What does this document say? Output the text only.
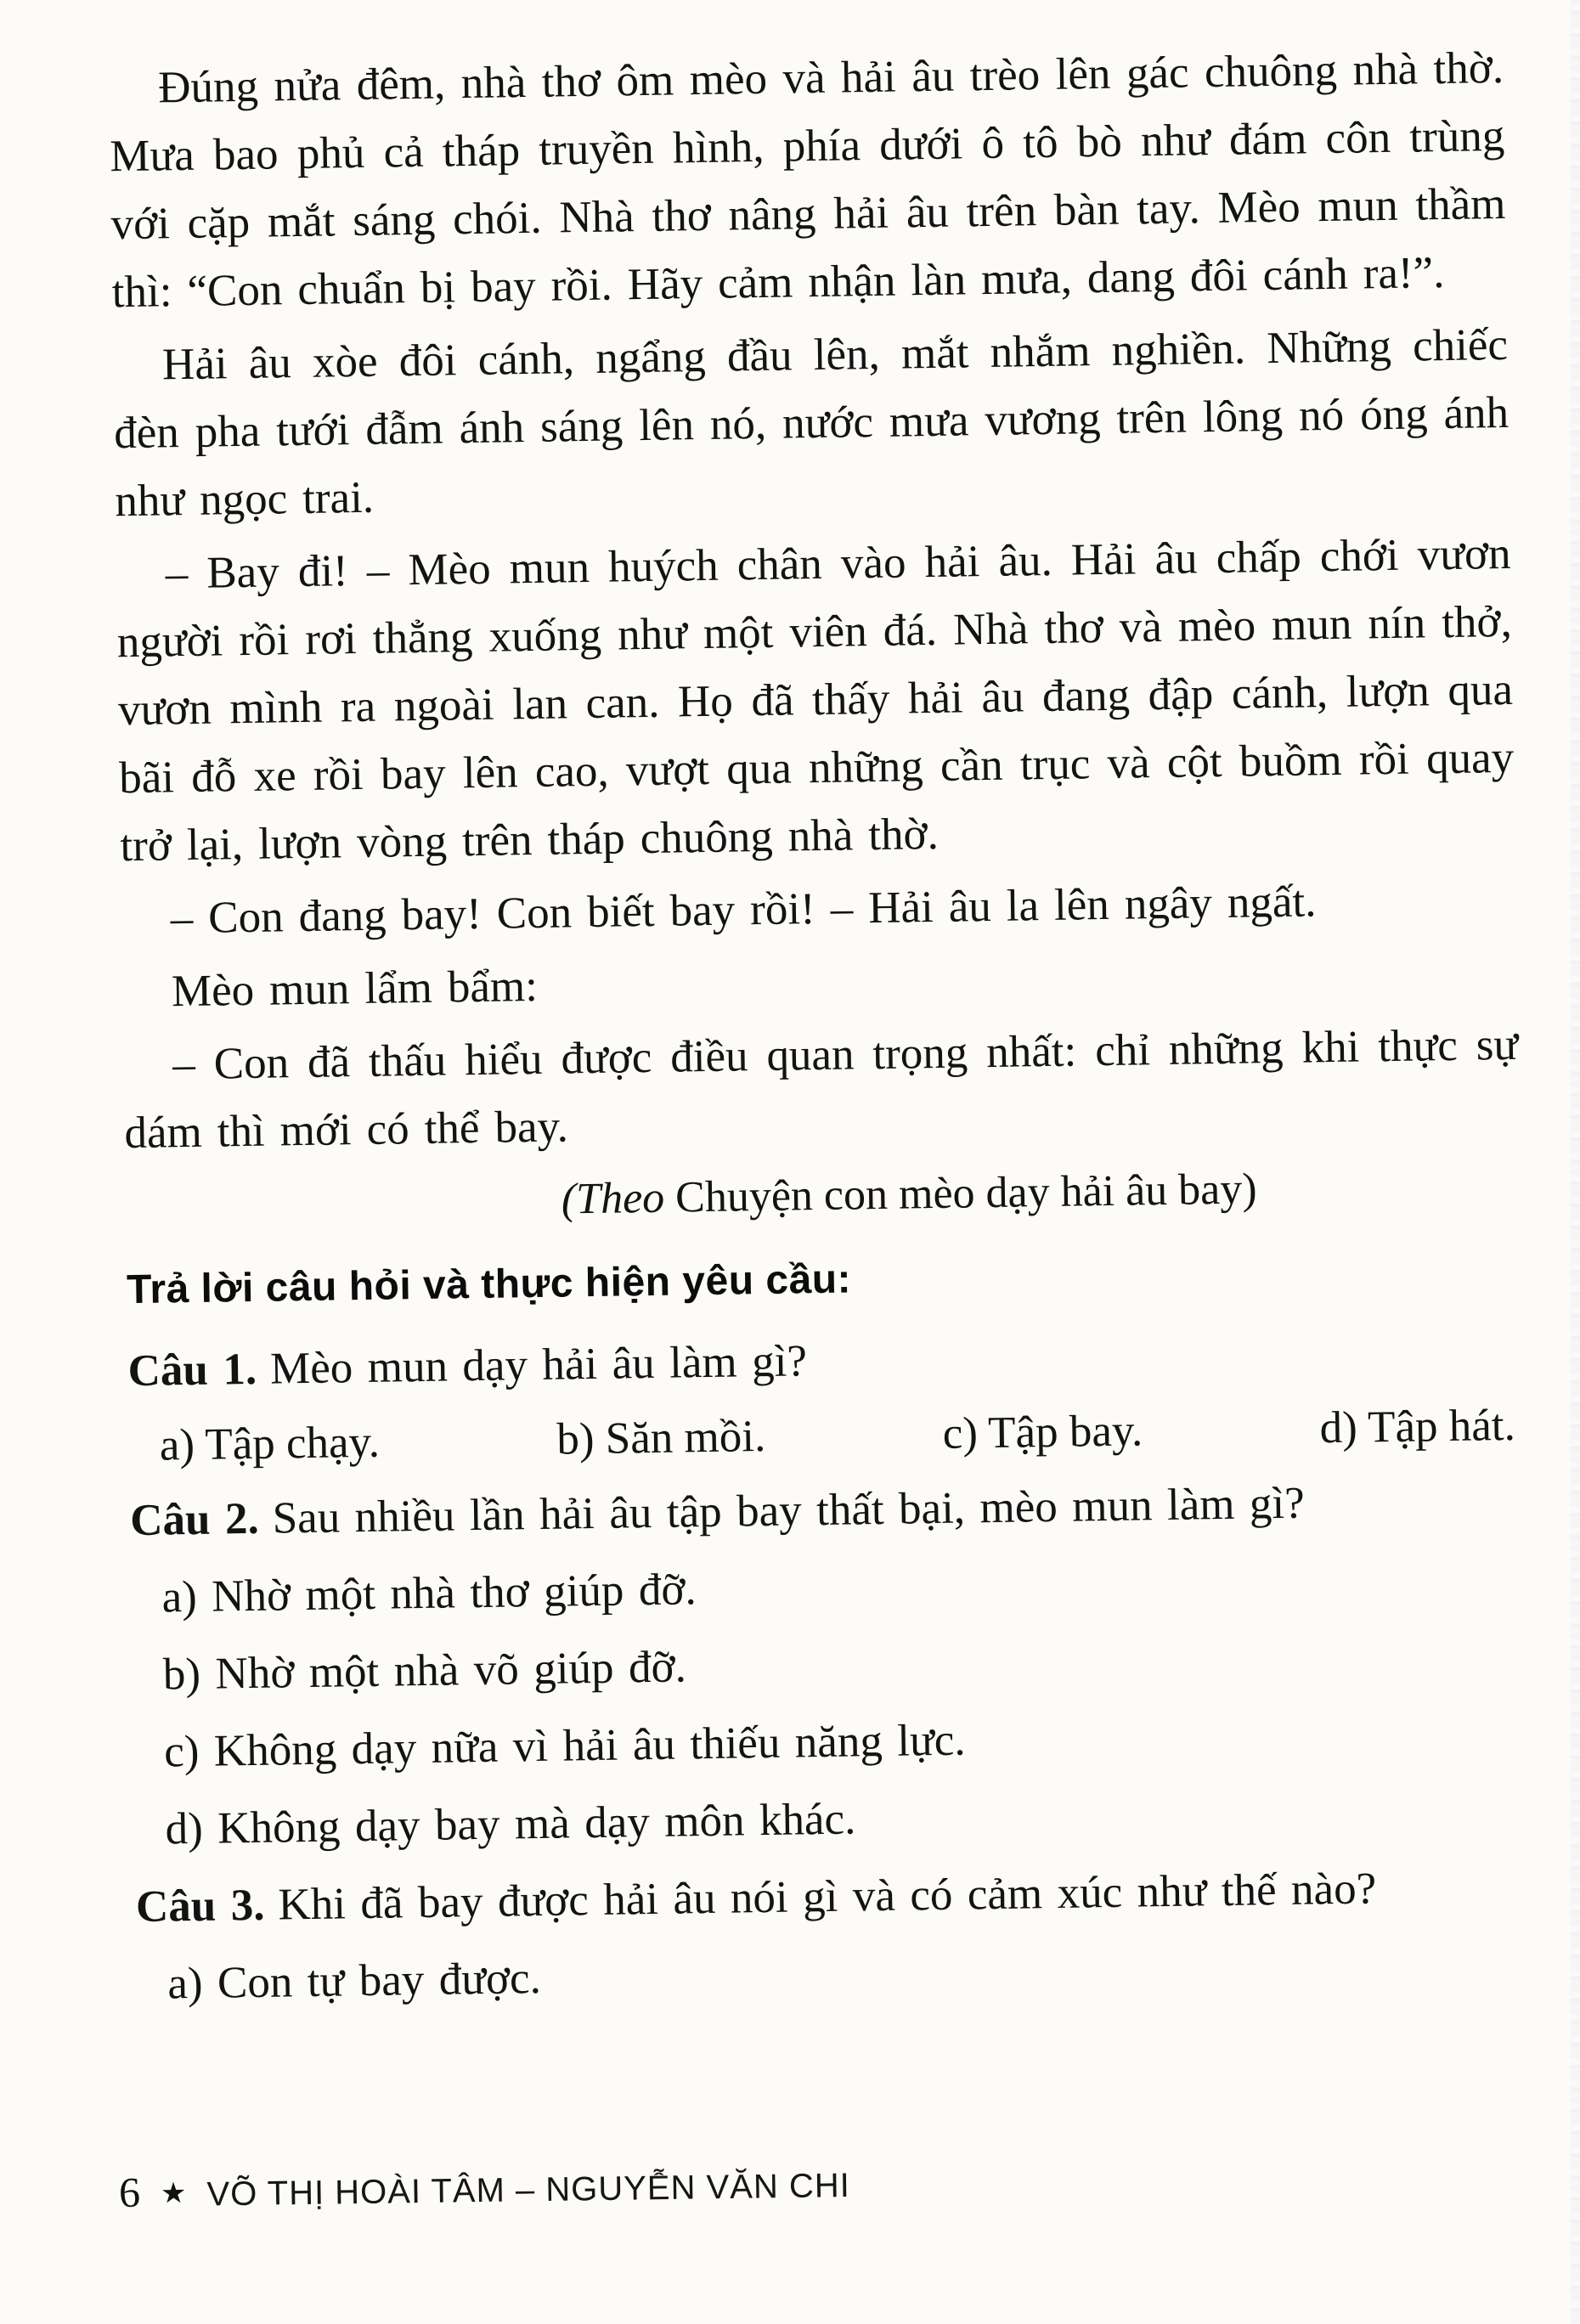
Đúng nửa đêm, nhà thơ ôm mèo và hải âu trèo lên gác chuông nhà thờ. Mưa bao phủ cả tháp truyền hình, phía dưới ô tô bò như đám côn trùng với cặp mắt sáng chói. Nhà thơ nâng hải âu trên bàn tay. Mèo mun thầm thì: “Con chuẩn bị bay rồi. Hãy cảm nhận làn mưa, dang đôi cánh ra!”.

Hải âu xòe đôi cánh, ngẩng đầu lên, mắt nhắm nghiền. Những chiếc đèn pha tưới đẫm ánh sáng lên nó, nước mưa vương trên lông nó óng ánh như ngọc trai.

– Bay đi! – Mèo mun huých chân vào hải âu. Hải âu chấp chới vươn người rồi rơi thẳng xuống như một viên đá. Nhà thơ và mèo mun nín thở, vươn mình ra ngoài lan can. Họ đã thấy hải âu đang đập cánh, lượn qua bãi đỗ xe rồi bay lên cao, vượt qua những cần trục và cột buồm rồi quay trở lại, lượn vòng trên tháp chuông nhà thờ.

– Con đang bay! Con biết bay rồi! – Hải âu la lên ngây ngất.

Mèo mun lẩm bẩm:

– Con đã thấu hiểu được điều quan trọng nhất: chỉ những khi thực sự dám thì mới có thể bay.

(Theo Chuyện con mèo dạy hải âu bay)
Trả lời câu hỏi và thực hiện yêu cầu:
Câu 1. Mèo mun dạy hải âu làm gì?
a) Tập chạy.	b) Săn mồi.	c) Tập bay.	d) Tập hát.
Câu 2. Sau nhiều lần hải âu tập bay thất bại, mèo mun làm gì?
a) Nhờ một nhà thơ giúp đỡ.
b) Nhờ một nhà võ giúp đỡ.
c) Không dạy nữa vì hải âu thiếu năng lực.
d) Không dạy bay mà dạy môn khác.
Câu 3. Khi đã bay được hải âu nói gì và có cảm xúc như thế nào?
a) Con tự bay được.
6 ★ VÕ THỊ HOÀI TÂM – NGUYỄN VĂN CHI
